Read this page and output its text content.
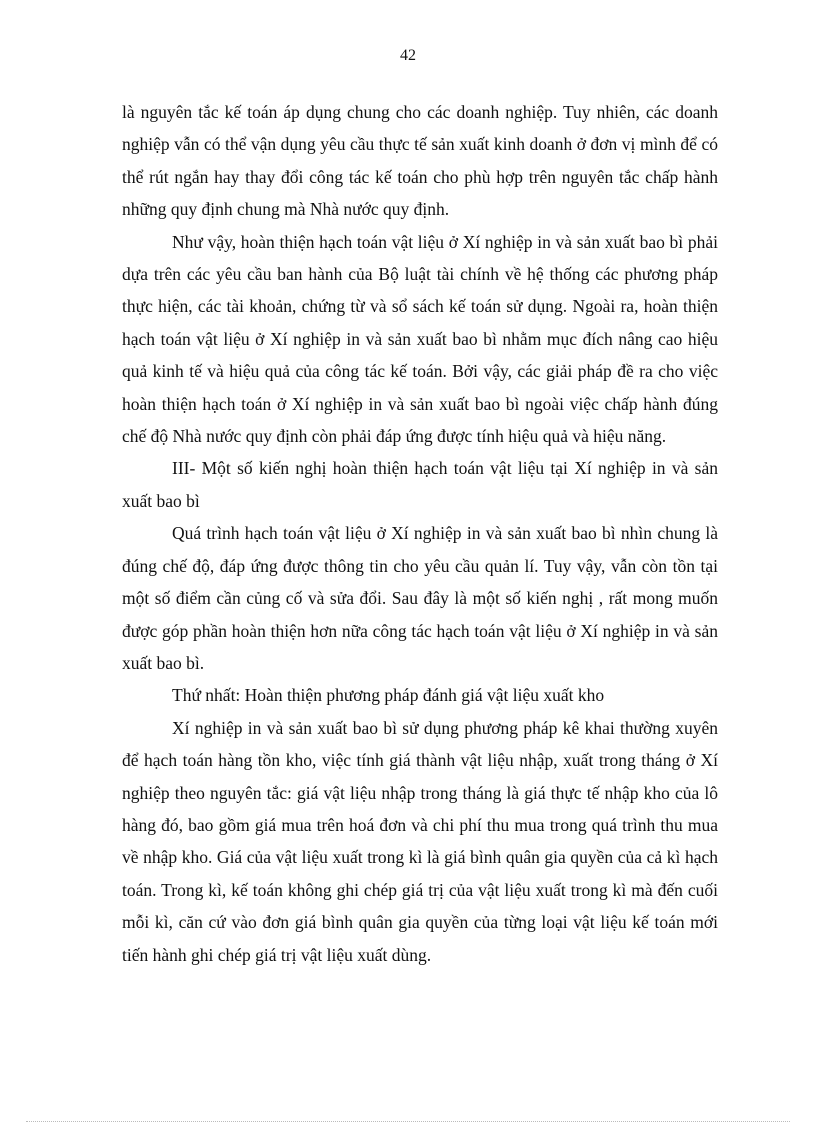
42

là nguyên tắc kế toán áp dụng chung cho các doanh nghiệp. Tuy nhiên, các doanh nghiệp vẫn có thể vận dụng yêu cầu thực tế sản xuất kinh doanh ở đơn vị mình để có thể rút ngắn hay thay đổi công tác kế toán cho phù hợp trên nguyên tắc chấp hành những quy định chung mà Nhà nước quy định.

Như vậy, hoàn thiện hạch toán vật liệu ở Xí nghiệp in và sản xuất bao bì phải dựa trên các yêu cầu ban hành của Bộ luật tài chính về hệ thống các phương pháp thực hiện, các tài khoản, chứng từ và sổ sách kế toán sử dụng. Ngoài ra, hoàn thiện hạch toán vật liệu ở Xí nghiệp in và sản xuất bao bì nhằm mục đích nâng cao hiệu quả kinh tế và hiệu quả của công tác kế toán. Bởi vậy, các giải pháp đề ra cho việc hoàn thiện hạch toán ở Xí nghiệp in và sản xuất bao bì ngoài việc chấp hành đúng chế độ Nhà nước quy định còn phải đáp ứng được tính hiệu quả và hiệu năng.

III- Một số kiến nghị hoàn thiện hạch toán vật liệu tại Xí nghiệp in và sản xuất bao bì

Quá trình hạch toán vật liệu ở Xí nghiệp in và sản xuất bao bì nhìn chung là đúng chế độ, đáp ứng được thông tin cho yêu cầu quản lí. Tuy vậy, vẫn còn tồn tại một số điểm cần củng cố và sửa đổi. Sau đây là một số kiến nghị , rất mong muốn được góp phần hoàn thiện hơn nữa công tác hạch toán vật liệu ở Xí nghiệp in và sản xuất bao bì.

Thứ nhất: Hoàn thiện phương pháp đánh giá vật liệu xuất kho

Xí nghiệp in và sản xuất bao bì sử dụng phương pháp kê khai thường xuyên để hạch toán hàng tồn kho, việc tính giá thành vật liệu nhập, xuất trong tháng ở Xí nghiệp theo nguyên tắc: giá vật liệu nhập trong tháng là giá thực tế nhập kho của lô hàng đó, bao gồm giá mua trên hoá đơn và chi phí thu mua trong quá trình thu mua về nhập kho. Giá của vật liệu xuất trong kì là giá bình quân gia quyền của cả kì hạch toán. Trong kì, kế toán không ghi chép giá trị của vật liệu xuất trong kì mà đến cuối mỗi kì, căn cứ vào đơn giá bình quân gia quyền của từng loại vật liệu kế toán mới tiến hành ghi chép giá trị vật liệu xuất dùng.
